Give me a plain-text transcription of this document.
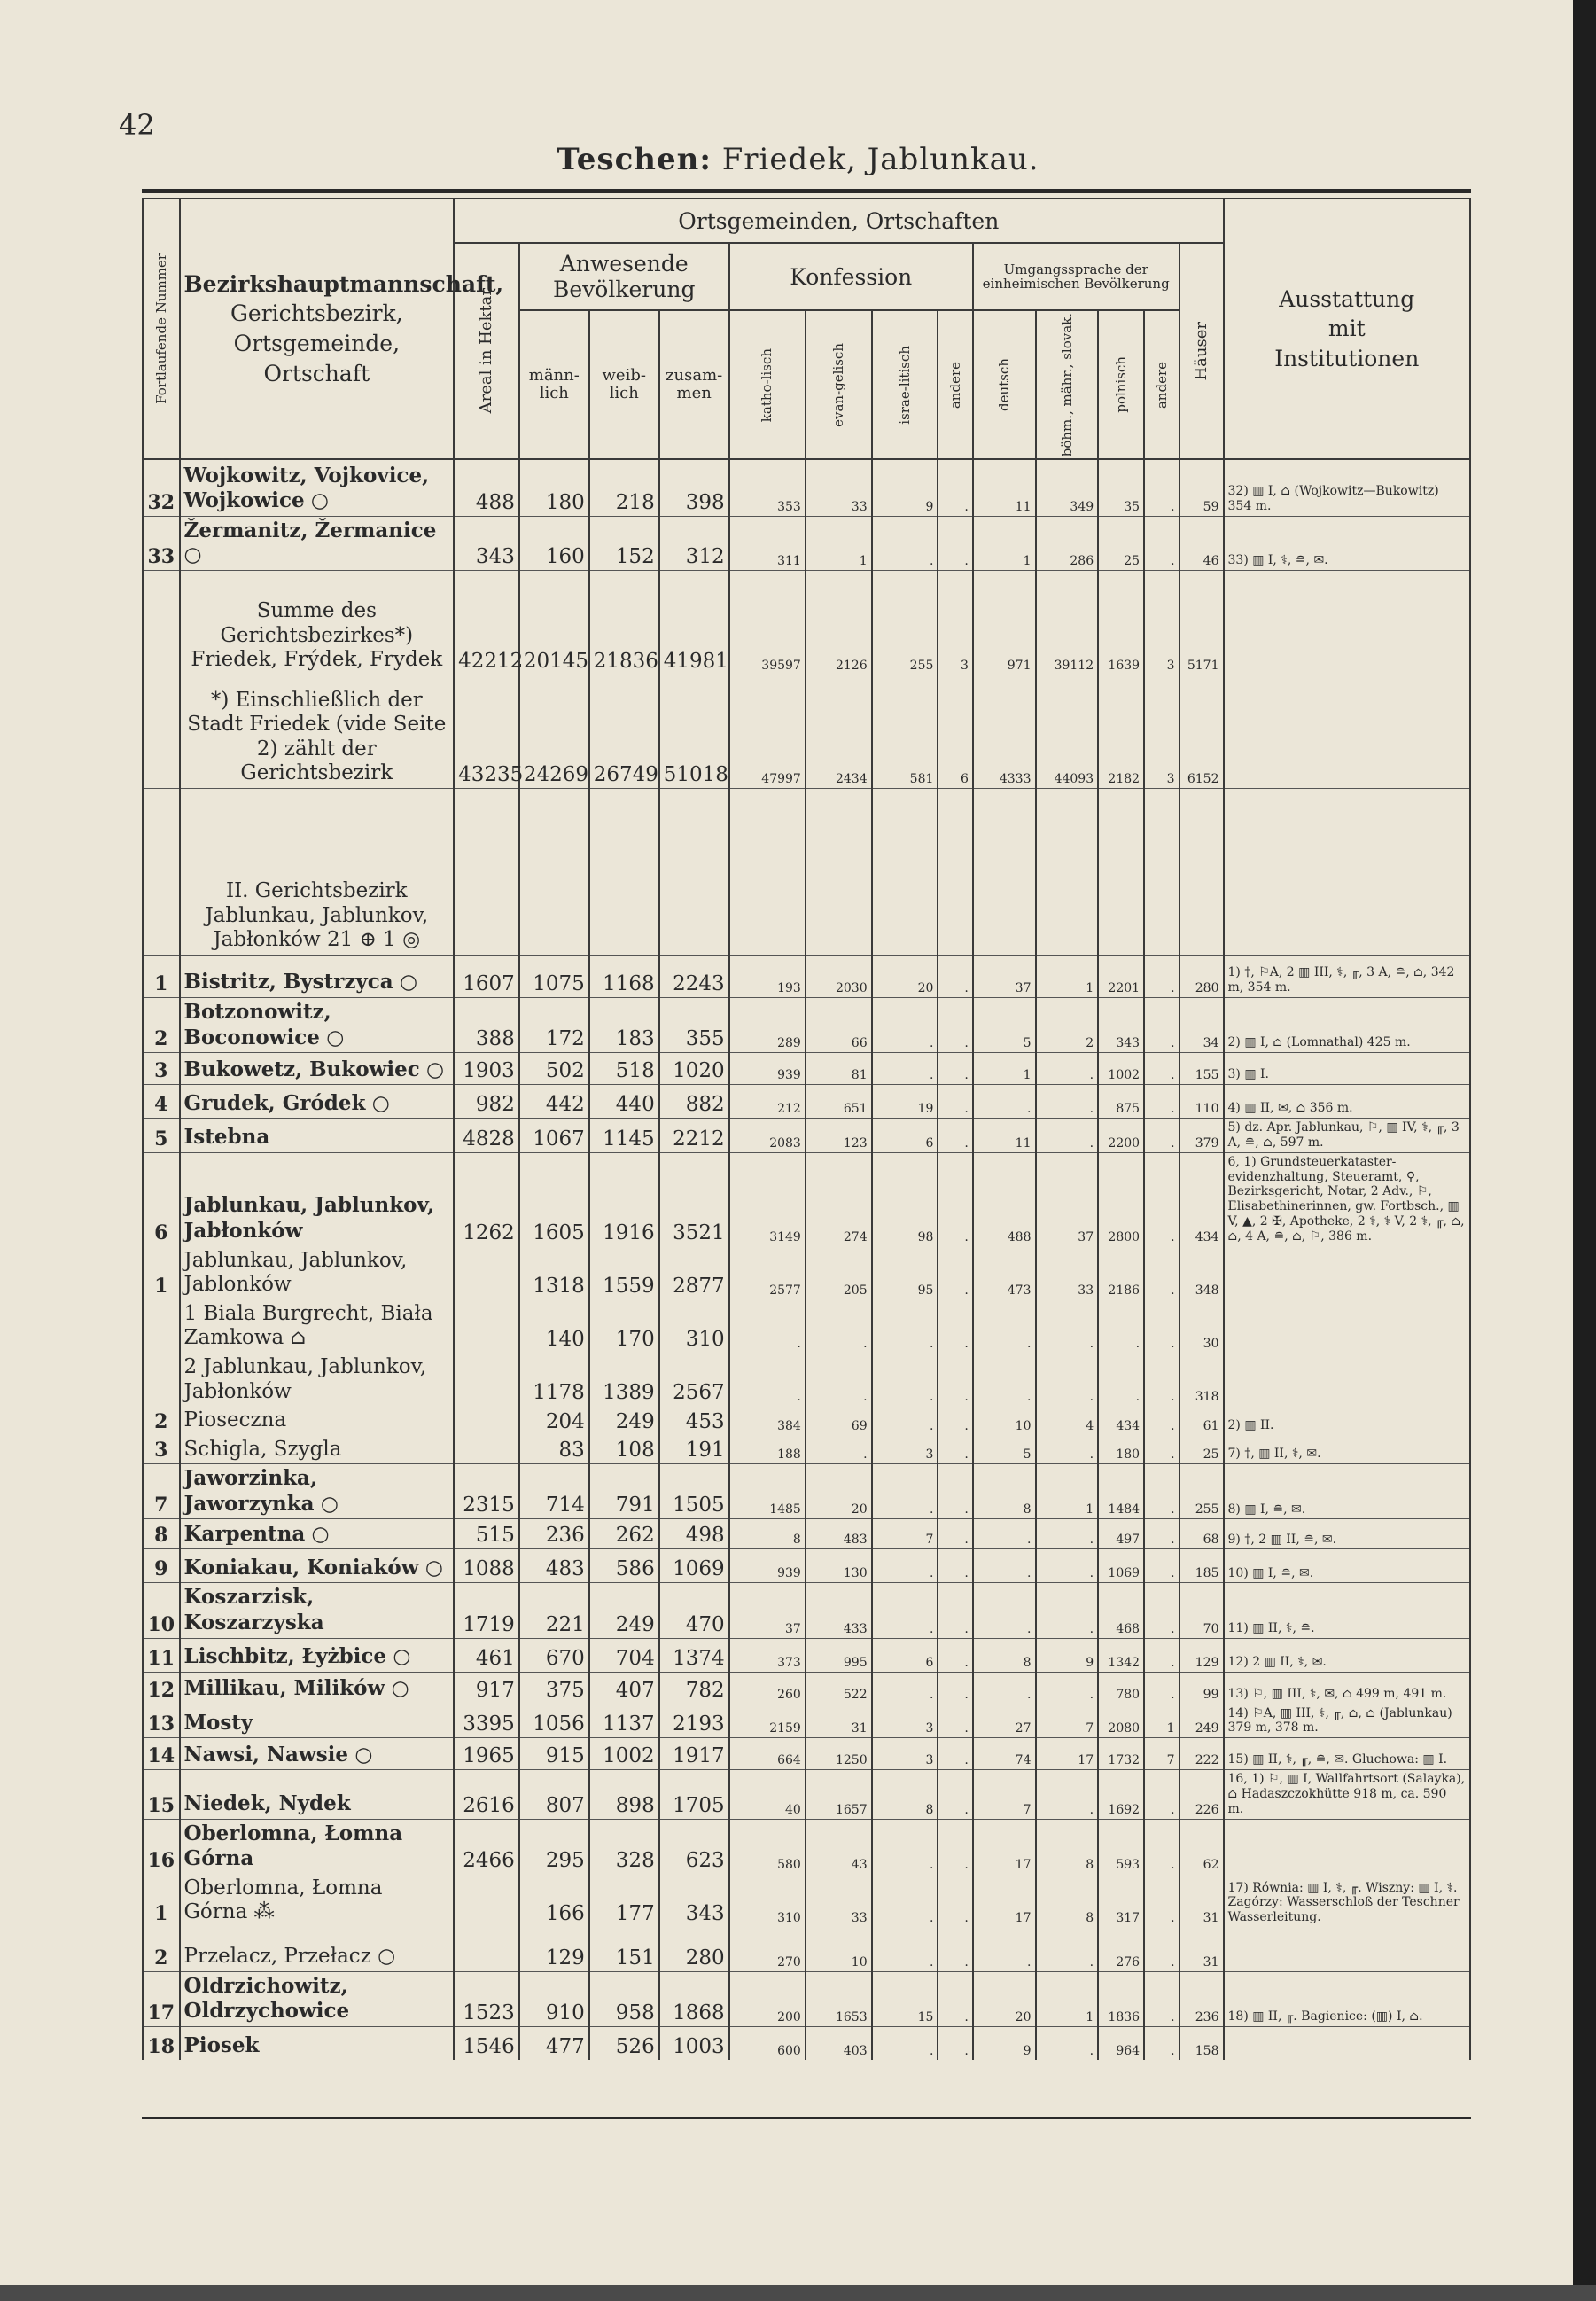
42
Teschen: Friedek, Jablunkau.
Fortlaufende Nummer	Bezirkshauptmannschaft,
Gerichtsbezirk,
Ortsgemeinde,
Ortschaft	Ortsgemeinden, Ortschaften													Ausstattung
mit
Institutionen

		Areal in Hektar	Anwesende Bevölkerung			Konfession				Umgangssprache der einheimischen Bevölkerung				Häuser	

			männ-lich	weib-lich	zusam-men	katho-lisch	evan-gelisch	israe-litisch	andere	deutsch	böhm., mähr., slovak.	polnisch	andere		

32	Wojkowitz, Vojkovice, Wojkowice ○	488	180	218	398	353	33	9	.	11	349	35	.	59	32) ▥ I, ⌂ (Wojkowitz—Bukowitz) 354 m.
33	Žermanitz, Žermanice ○	343	160	152	312	311	1	.	.	1	286	25	.	46	33) ▥ I, ⚕, ≘, ✉.
	Summe des Gerichtsbezirkes*) Friedek, Frýdek, Frydek	42212	20145	21836	41981	39597	2126	255	3	971	39112	1639	3	5171	
	*) Einschließlich der Stadt Friedek (vide Seite 2) zählt der Gerichtsbezirk	43235	24269	26749	51018	47997	2434	581	6	4333	44093	2182	3	6152	
	II. Gerichtsbezirk Jablunkau, Jablunkov, Jabłonków 21 ⊕ 1 ◎														
1	Bistritz, Bystrzyca ○	1607	1075	1168	2243	193	2030	20	.	37	1	2201	.	280	1) †, ⚐A, 2 ▥ III, ⚕, ╓, 3 A, ≘, ⌂, 342 m, 354 m.
2	Botzonowitz, Boconowice ○	388	172	183	355	289	66	.	.	5	2	343	.	34	2) ▥ I, ⌂ (Lomnathal) 425 m.
3	Bukowetz, Bukowiec ○	1903	502	518	1020	939	81	.	.	1	.	1002	.	155	3) ▥ I.
4	Grudek, Gródek ○	982	442	440	882	212	651	19	.	.	.	875	.	110	4) ▥ II, ✉, ⌂ 356 m.
5	Istebna	4828	1067	1145	2212	2083	123	6	.	11	.	2200	.	379	5) dz. Apr. Jablunkau, ⚐, ▥ IV, ⚕, ╓, 3 A, ≘, ⌂, 597 m.
6	Jablunkau, Jablunkov, Jabłonków	1262	1605	1916	3521	3149	274	98	.	488	37	2800	.	434	6, 1) Grundsteuerkataster-evidenzhaltung, Steueramt, ⚲, Bezirksgericht, Notar, 2 Adv., ⚐, Elisabethinerinnen, gw. Fortbsch., ▥ V, ▲, 2 ✠, Apotheke, 2 ⚕, ⚕ V, 2 ⚕, ╓, ⌂, ⌂, 4 A, ≘, ⌂, ⚐, 386 m.
1	Jablunkau, Jablunkov, Jablonków		1318	1559	2877	2577	205	95	.	473	33	2186	.	348	
	1 Biala Burgrecht, Biała Zamkowa ⌂		140	170	310	.	.	.	.	.	.	.	.	30	
	2 Jablunkau, Jablunkov, Jabłonków		1178	1389	2567	.	.	.	.	.	.	.	.	318	
2	Pioseczna		204	249	453	384	69	.	.	10	4	434	.	61	2) ▥ II.
3	Schigla, Szygla		83	108	191	188	.	3	.	5	.	180	.	25	7) †, ▥ II, ⚕, ✉.
7	Jaworzinka, Jaworzynka ○	2315	714	791	1505	1485	20	.	.	8	1	1484	.	255	8) ▥ I, ≘, ✉.
8	Karpentna ○	515	236	262	498	8	483	7	.	.	.	497	.	68	9) †, 2 ▥ II, ≘, ✉.
9	Koniakau, Koniaków ○	1088	483	586	1069	939	130	.	.	.	.	1069	.	185	10) ▥ I, ≘, ✉.
10	Koszarzisk, Koszarzyska	1719	221	249	470	37	433	.	.	.	.	468	.	70	11) ▥ II, ⚕, ≘.
11	Lischbitz, Łyżbice ○	461	670	704	1374	373	995	6	.	8	9	1342	.	129	12) 2 ▥ II, ⚕, ✉.
12	Millikau, Milików ○	917	375	407	782	260	522	.	.	.	.	780	.	99	13) ⚐, ▥ III, ⚕, ✉, ⌂ 499 m, 491 m.
13	Mosty	3395	1056	1137	2193	2159	31	3	.	27	7	2080	1	249	14) ⚐A, ▥ III, ⚕, ╓, ⌂, ⌂ (Jablunkau) 379 m, 378 m.
14	Nawsi, Nawsie ○	1965	915	1002	1917	664	1250	3	.	74	17	1732	7	222	15) ▥ II, ⚕, ╓, ≘, ✉. Gluchowa: ▥ I.
15	Niedek, Nydek	2616	807	898	1705	40	1657	8	.	7	.	1692	.	226	16, 1) ⚐, ▥ I, Wallfahrtsort (Salayka), ⌂ Hadaszczokhütte 918 m, ca. 590 m.
16	Oberlomna, Łomna Górna	2466	295	328	623	580	43	.	.	17	8	593	.	62	
1	Oberlomna, Łomna Górna ⁂		166	177	343	310	33	.	.	17	8	317	.	31	17) Równia: ▥ I, ⚕, ╓. Wiszny: ▥ I, ⚕. Zagórzy: Wasserschloß der Teschner Wasserleitung.
2	Przelacz, Przełacz ○		129	151	280	270	10	.	.	.	.	276	.	31	
17	Oldrzichowitz, Oldrzychowice	1523	910	958	1868	200	1653	15	.	20	1	1836	.	236	18) ▥ II, ╓. Bagienice: (▥) I, ⌂.
18	Piosek	1546	477	526	1003	600	403	.	.	9	.	964	.	158	
